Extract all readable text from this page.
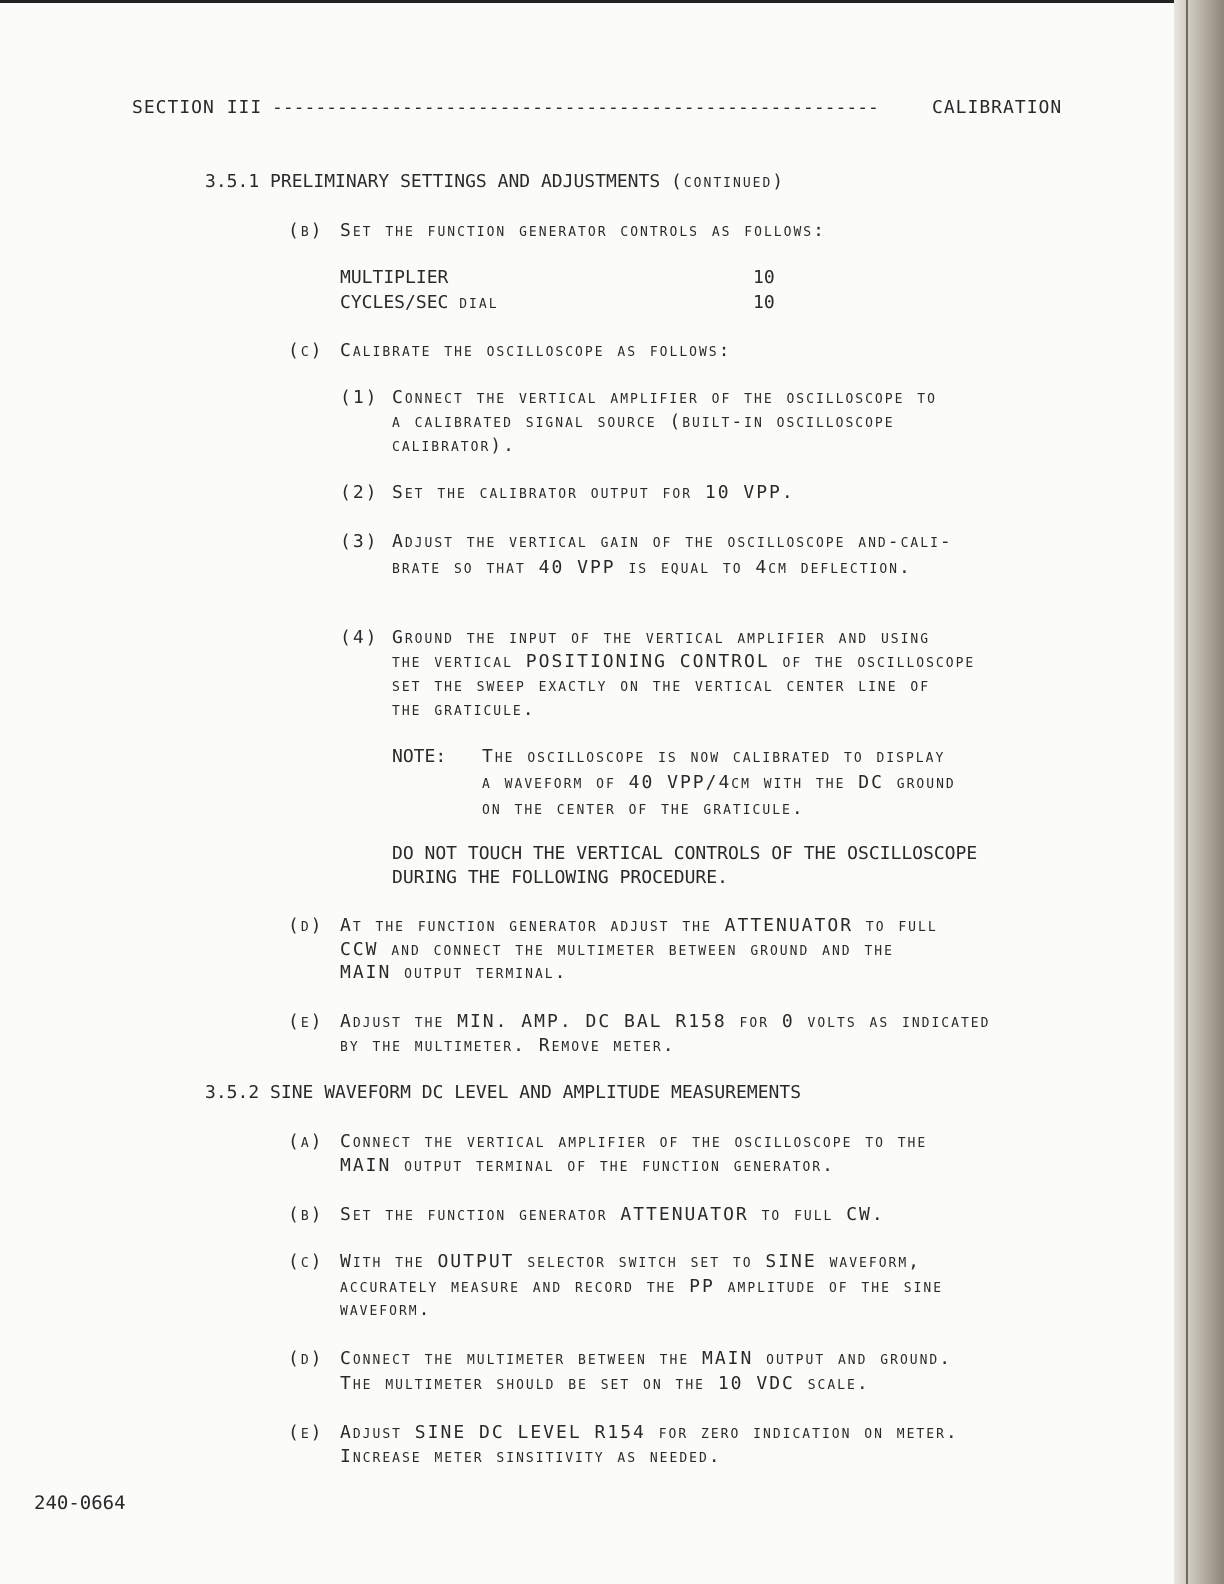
SECTION III --------------------------------------------------------	CALIBRATION
3.5.1 PRELIMINARY SETTINGS AND ADJUSTMENTS (continued)
(b) Set the function generator controls as follows:
MULTIPLIER	10
CYCLES/SEC dial	10
(c) Calibrate the oscilloscope as follows:
(1) Connect the vertical amplifier of the oscilloscope to
a calibrated signal source (built-in oscilloscope
calibrator).
(2) Set the calibrator output for 10 VPP.
(3) Adjust the vertical gain of the oscilloscope and-cali-
brate so that 40 VPP is equal to 4cm deflection.
(4) Ground the input of the vertical amplifier and using
the vertical POSITIONING CONTROL of the oscilloscope
set the sweep exactly on the vertical center line of
the graticule.
NOTE: The oscilloscope is now calibrated to display
a waveform of 40 VPP/4cm with the DC ground
on the center of the graticule.
DO NOT TOUCH THE VERTICAL CONTROLS OF THE OSCILLOSCOPE
DURING THE FOLLOWING PROCEDURE.
(d) At the function generator adjust the ATTENUATOR to full
CCW and connect the multimeter between ground and the
MAIN output terminal.
(e) Adjust the MIN. AMP. DC BAL R158 for 0 volts as indicated
by the multimeter. Remove meter.
3.5.2 SINE WAVEFORM DC LEVEL AND AMPLITUDE MEASUREMENTS
(a) Connect the vertical amplifier of the oscilloscope to the
MAIN output terminal of the function generator.
(b) Set the function generator ATTENUATOR to full CW.
(c) With the OUTPUT selector switch set to SINE waveform,
accurately measure and record the PP amplitude of the sine
waveform.
(d) Connect the multimeter between the MAIN output and ground.
The multimeter should be set on the 10 VDC scale.
(e) Adjust SINE DC LEVEL R154 for zero indication on meter.
Increase meter sinsitivity as needed.
240-0664
